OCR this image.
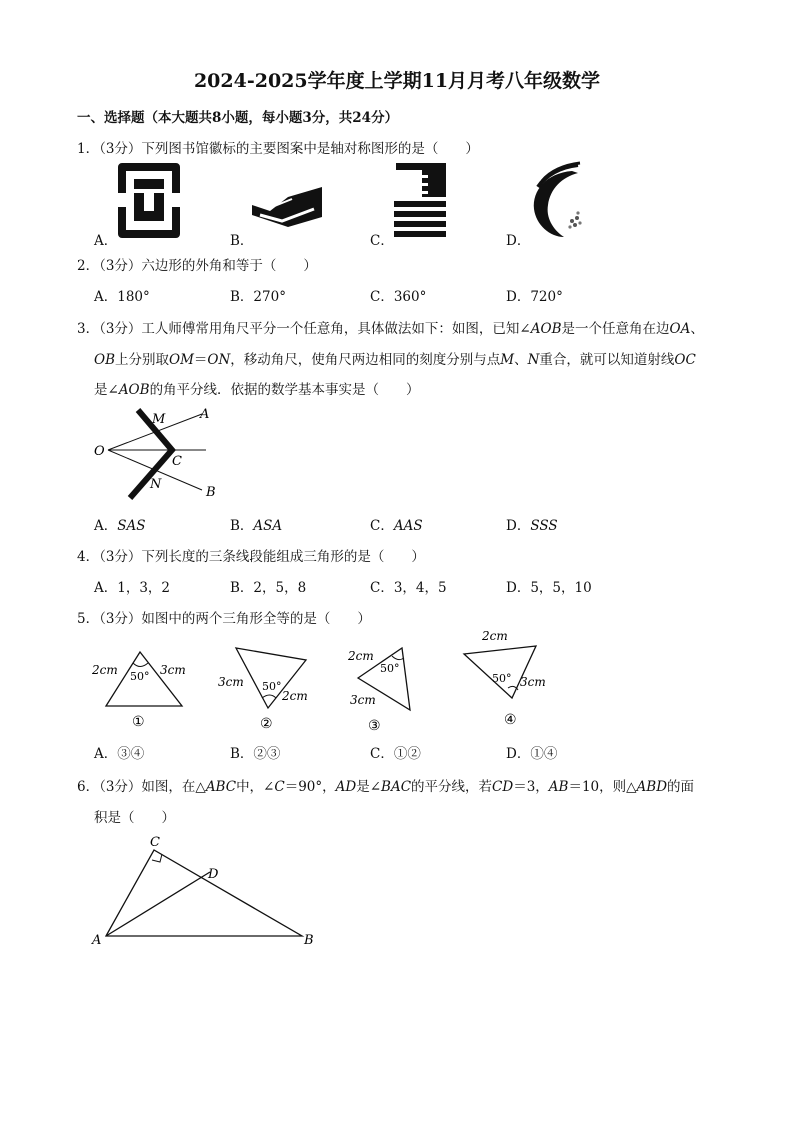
2024-2025学年度上学期11月月考八年级数学
一、选择题（本大题共8小题，每小题3分，共24分）
1．（3分）下列图书馆徽标的主要图案中是轴对称图形的是（　　）
A．	B．	C．	D．
2．（3分）六边形的外角和等于（　　）
A．180°	B．270°	C．360°	D．720°
3．（3分）工人师傅常用角尺平分一个任意角，具体做法如下：如图，已知∠AOB是一个任意角在边OA、
OB上分别取OM＝ON，移动角尺，使角尺两边相同的刻度分别与点M、N重合，就可以知道射线OC
是∠AOB的角平分线．依据的数学基本事实是（　　）
O
M	A
C
N
B
A．SAS	B．ASA	C．AAS	D．SSS
4．（3分）下列长度的三条线段能组成三角形的是（　　）
A．1，3，2	B．2，5，8	C．3，4，5	D．5，5，10
5．（3分）如图中的两个三角形全等的是（　　）
2cm	3cm
50°
①
3cm
2cm
50°
②
2cm
3cm
50°
③
2cm
3cm
50°
④
A．③④	B．②③	C．①②	D．①④
6．（3分）如图，在△ABC中，∠C＝90°，AD是∠BAC的平分线，若CD＝3，AB＝10，则△ABD的面
积是（　　）
C
D
A	B
